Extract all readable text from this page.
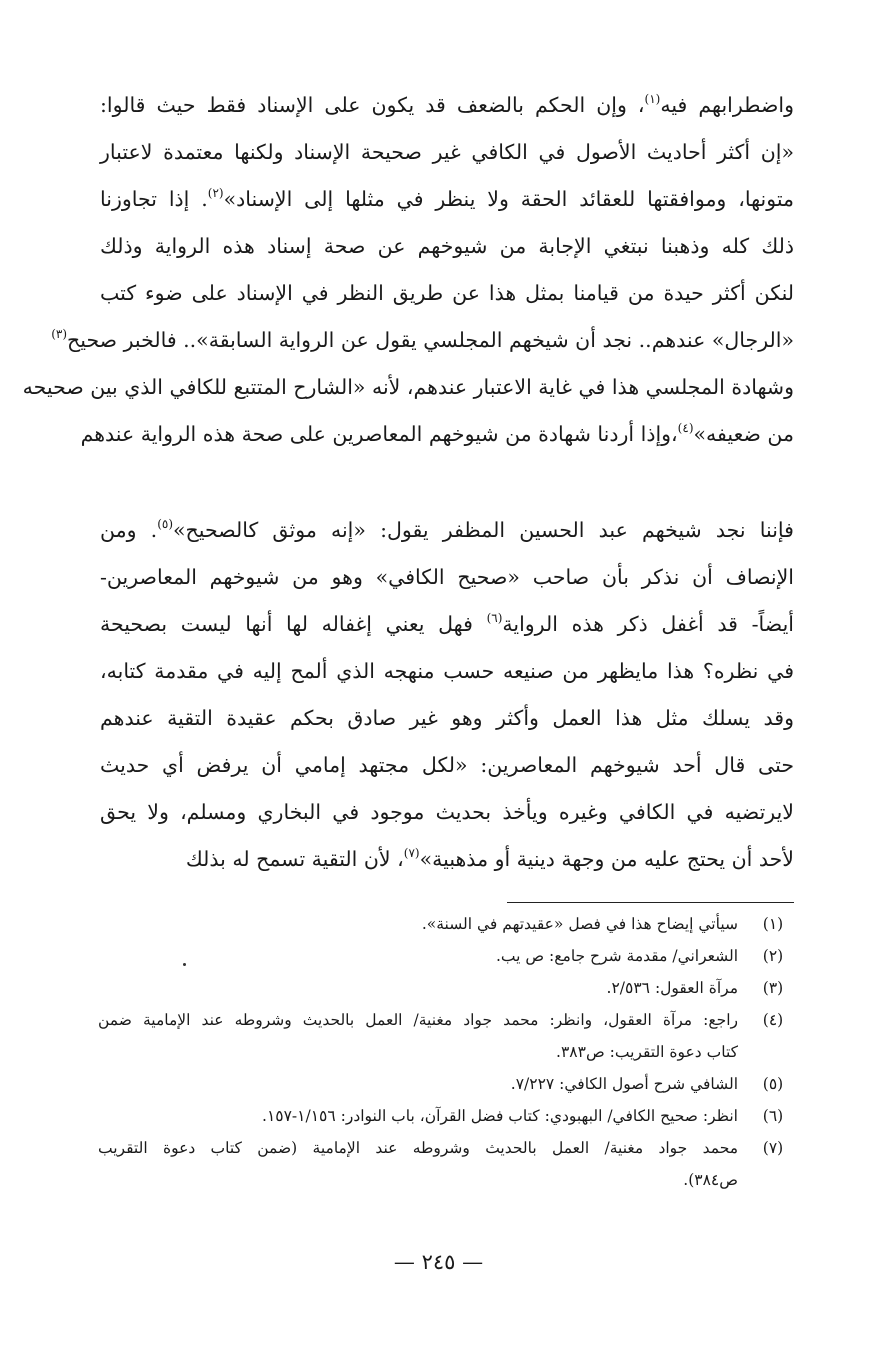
واضطرابهم فيه$^{(١)}$، وإن الحكم بالضعف قد يكون على الإسناد فقط حيث قالوا:
«إن أكثر أحاديث الأصول في الكافي غير صحيحة الإسناد ولكنها معتمدة لاعتبار
متونها، وموافقتها للعقائد الحقة ولا ينظر في مثلها إلى الإسناد»$^{(٢)}$. إذا تجاوزنا
ذلك كله وذهبنا نبتغي الإجابة من شيوخهم عن صحة إسناد هذه الرواية وذلك
لنكن أكثر حيدة من قيامنا بمثل هذا عن طريق النظر في الإسناد على ضوء كتب
«الرجال» عندهم.. نجد أن شيخهم المجلسي يقول عن الرواية السابقة».. فالخبر صحيح$^{(٣)}$
وشهادة المجلسي هذا في غاية الاعتبار عندهم، لأنه «الشارح المتتبع للكافي الذي بين صحيحه
من ضعيفه»$^{(٤)}$،وإذا أردنا شهادة من شيوخهم المعاصرين على صحة هذه الرواية عندهم
فإننا نجد شيخهم عبد الحسين المظفر يقول: «إنه موثق كالصحيح»$^{(٥)}$. ومن
الإنصاف أن نذكر بأن صاحب «صحيح الكافي» وهو من شيوخهم المعاصرين-
أيضاً- قد أغفل ذكر هذه الرواية$^{(٦)}$ فهل يعني إغفاله لها أنها ليست بصحيحة
في نظره؟ هذا مايظهر من صنيعه حسب منهجه الذي ألمح إليه في مقدمة كتابه،
وقد يسلك مثل هذا العمل وأكثر وهو غير صادق بحكم عقيدة التقية عندهم
حتى قال أحد شيوخهم المعاصرين: «لكل مجتهد إمامي أن يرفض أي حديث
لايرتضيه في الكافي وغيره ويأخذ بحديث موجود في البخاري ومسلم، ولا يحق
لأحد أن يحتج عليه من وجهة دينية أو مذهبية»$^{(٧)}$، لأن التقية تسمح له بذلك
(١)
سيأتي إيضاح هذا في فصل «عقيدتهم في السنة».
(٢)
الشعراني/ مقدمة شرح جامع: ص يب.
(٣)
مرآة العقول: ٢/٥٣٦.
(٤)
راجع: مرآة العقول، وانظر: محمد جواد مغنية/ العمل بالحديث وشروطه عند الإمامية ضمن
كتاب دعوة التقريب: ص٣٨٣.
(٥)
الشافي شرح أصول الكافي: ٧/٢٢٧.
(٦)
انظر: صحيح الكافي/ البهبودي: كتاب فضل القرآن، باب النوادر: ١/١٥٦-١٥٧.
(٧)
محمد جواد مغنية/ العمل بالحديث وشروطه عند الإمامية (ضمن كتاب دعوة التقريب
ص٣٨٤).
— ٢٤٥ —
